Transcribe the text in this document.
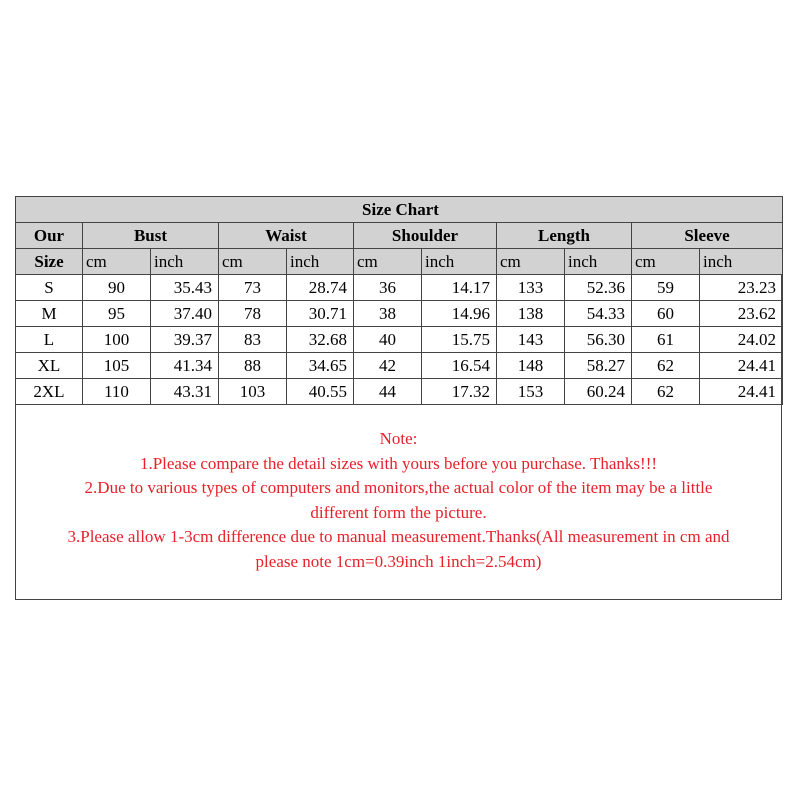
Size Chart										
Our	Bust		Waist		Shoulder		Length		Sleeve	
Size	cm	inch	cm	inch	cm	inch	cm	inch	cm	inch
S	90	35.43	73	28.74	36	14.17	133	52.36	59	23.23
M	95	37.40	78	30.71	38	14.96	138	54.33	60	23.62
L	100	39.37	83	32.68	40	15.75	143	56.30	61	24.02
XL	105	41.34	88	34.65	42	16.54	148	58.27	62	24.41
2XL	110	43.31	103	40.55	44	17.32	153	60.24	62	24.41
Note:
1.Please compare the detail sizes with yours before you purchase. Thanks!!!
2.Due to various types of computers and monitors,the actual color of the item may be a little
different form the picture.
3.Please allow 1-3cm difference due to manual measurement.Thanks(All measurement in cm and
please note 1cm=0.39inch 1inch=2.54cm)
